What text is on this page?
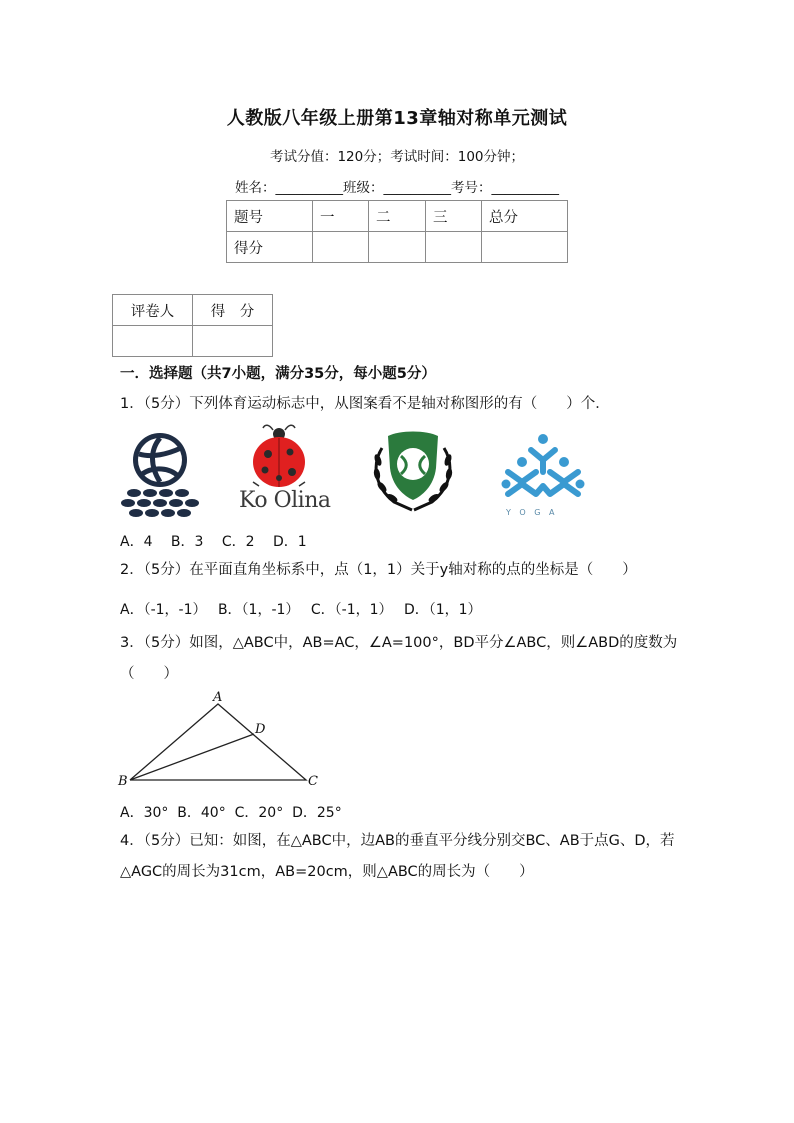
人教版八年级上册第13章轴对称单元测试
考试分值：120分；考试时间：100分钟；
姓名：__________班级：__________考号：__________
题号	一	二	三	总分
得分				
评卷人	得　分

一．选择题（共7小题，满分35分，每小题5分）
1．（5分）下列体育运动标志中，从图案看不是轴对称图形的有（　　）个．
Ko Olina	Y O G A
A．4　 B．3　 C．2　 D．1
2．（5分）在平面直角坐标系中，点（1，1）关于y轴对称的点的坐标是（　　）
A．（-1，-1）　 B．（1，-1）　 C．（-1，1）　 D．（1，1）
3．（5分）如图，△ABC中，AB=AC，∠A=100°，BD平分∠ABC，则∠ABD的度数为（　　）
A
D
B	C
A．30°  B．40°  C．20°  D．25°
4．（5分）已知：如图，在△ABC中，边AB的垂直平分线分别交BC、AB于点G、D，若△AGC的周长为31cm，AB=20cm，则△ABC的周长为（　　）
